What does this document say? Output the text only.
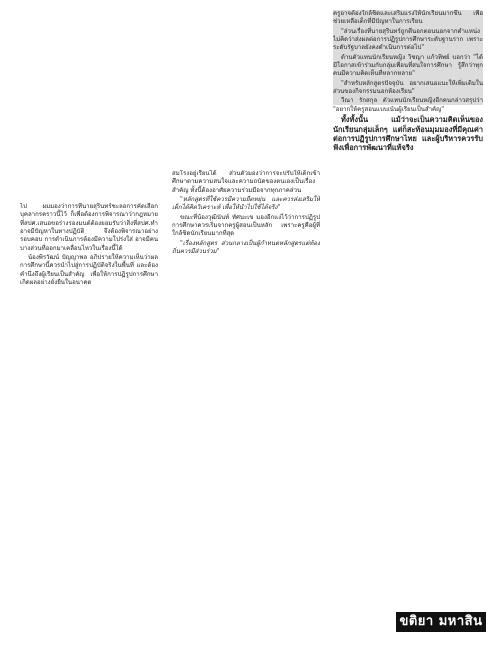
ไป ผมมองว่าการที่นายสุรินทร์ชะลอการคัดเลือกบุคลากรคราวนี้ไว้ ก็เพื่อต้องการพิจารณาว่ากฎหมายที่สปศ.เสนอขอร่างรองมนต์ต้องยอมรับว่าสิ่งที่สปศ.ทำอาจมีปัญหาในทางปฏิบัติ จึงต้องพิจารณาอย่างรอบคอบ การดำเนินการต้องมีความโปร่งใส่ อาจมีคนบางส่วนที่ออกมาเคลื่อนไหวในเรื่องนี้ได้

น้องพิรวัฒน์ ปัญญาพล อภิปรายให้ความเห็นว่าผลการศึกษานี้ควรนำไปสู่การปฏิบัติจริงในพื้นที่ และต้องคำนึงถึงผู้เรียนเป็นสำคัญ เพื่อให้การปฏิรูปการศึกษาเกิดผลอย่างยั่งยืนในอนาคต

สมโรงอยู่เรียนได้ ส่วนตัวมองว่าการจะปรับให้เด็กเข้าศึกษาตามความสนใจและความถนัดของตนเองเป็นเรื่องสำคัญ ทั้งนี้ต้องอาศัยความร่วมมือจากทุกภาคส่วน

"หลักสูตรที่ใช้ควรมีความยืดหยุ่น และควรส่งเสริมให้เด็กได้คิดวิเคราะห์ เพื่อให้นำไปใช้ได้จริง"

ขณะที่น้องวุฒินันท์ ทัศนะเข มองอีกแง่ไว้ว่าการปฏิรูปการศึกษาควรเริ่มจากครูผู้สอนเป็นหลัก เพราะครูคือผู้ที่ใกล้ชิดนักเรียนมากที่สุด

"เรื่องหลักสูตร ส่วนกลางเป็นผู้กำหนดหลักสูตรแต่ท้องถิ่นควรมีส่วนร่วม"

ครูอาจต้องใกล้ชิดและเสริมแรงให้นักเรียนมากขึ้น เพื่อช่วยเหลือเด็กที่มีปัญหาในการเรียน

"ส่วนเรื่องที่นายสุรินทร์ถูกตีนอกตอนนอกจากตำแหน่ง ไม่คิดว่าส่งผลต่อการปฏิรูปการศึกษาระดับฐานราก เพราะระดับรัฐบาลยังคงดำเนินการต่อไป"

ด้านตัวแทนนักเรียนหญิง วิชญา แก้วทิพย์ บอกว่า "ได้มีโอกาสเข้าร่วมกับกลุ่มเพื่อนที่สนใจการศึกษา รู้สึกว่าทุกคนมีความคิดเห็นที่หลากหลาย"

"สำหรับหลักสูตรปัจจุบัน อยากเสนอแนะให้เพิ่มเติมในส่วนของกิจกรรมนอกห้องเรียน"

วีณา รักสกุล ตัวแทนนักเรียนหญิงอีกคนกล่าวสรุปว่า "อยากให้ครูสอนแบบเน้นผู้เรียนเป็นสำคัญ"

ทั้งทั้งนั้น แม้ว่าจะเป็นความคิดเห็นของนักเรียนกลุ่มเล็กๆ แต่ก็สะท้อนมุมมองที่มีคุณค่าต่อการปฏิรูปการศึกษาไทย และผู้บริหารควรรับฟังเพื่อการพัฒนาที่แท้จริง

ขติยา มหาสินธ์
